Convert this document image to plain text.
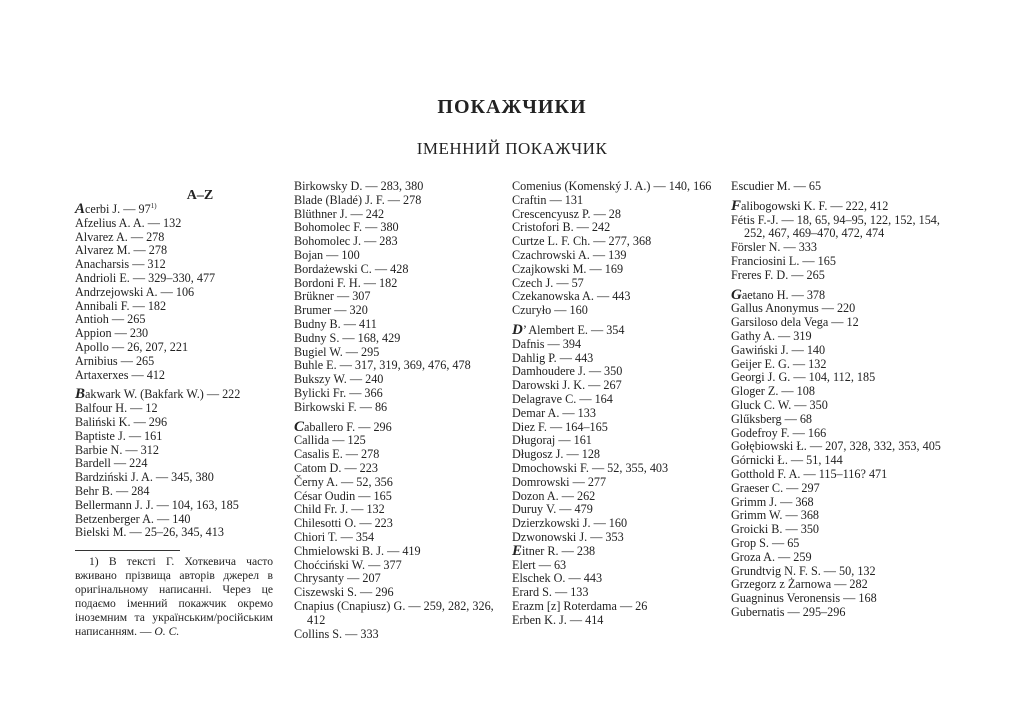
ПОКАЖЧИКИ
ІМЕННИЙ ПОКАЖЧИК
A–Z
Acerbi J. — 97$^{1)}$
Afzelius A. A. — 132
Alvarez A. — 278
Alvarez M. — 278
Anacharsis — 312
Andrioli E. — 329–330, 477
Andrzejowski A. — 106
Annibali F. — 182
Antioh — 265
Appion — 230
Apollo — 26, 207, 221
Arnibius — 265
Artaxerxes — 412
Bakwark W. (Bakfark W.) — 222
Balfour H. — 12
Baliński K. — 296
Baptiste J. — 161
Barbie N. — 312
Bardell — 224
Bardziński J. A. — 345, 380
Behr B. — 284
Bellermann J. J. — 104, 163, 185
Betzenberger A. — 140
Bielski M. — 25–26, 345, 413
1) В тексті Г. Хоткевича часто вживано прізвища авторів джерел в оригінальному написанні. Через це подаємо іменний покажчик окремо іноземним та українським/російським написанням. — О. С.
Birkowsky D. — 283, 380
Blade (Bladé) J. F. — 278
Blüthner J. — 242
Bohomolec F. — 380
Bohomolec J. — 283
Bojan — 100
Bordażewski C. — 428
Bordoni F. H. — 182
Brükner — 307
Brumer — 320
Budny B. — 411
Budny S. — 168, 429
Bugiel W. — 295
Buhle E. — 317, 319, 369, 476, 478
Bukszy W. — 240
Bylicki Fr. — 366
Birkowski F. — 86
Caballero F. — 296
Callida — 125
Casalis E. — 278
Catom D. — 223
Černy A. — 52, 356
César Oudin — 165
Child Fr. J. — 132
Chilesotti O. — 223
Chiori T. — 354
Chmielowski B. J. — 419
Choćciński W. — 377
Chrysanty — 207
Ciszewski S. — 296
Cnapius (Cnapiusz) G. — 259, 282, 326, 412
Collins S. — 333
Comenius (Komenský J. A.) — 140, 166
Craftin — 131
Crescencyusz P. — 28
Cristofori B. — 242
Curtze L. F. Ch. — 277, 368
Czachrowski A. — 139
Czajkowski M. — 169
Czech J. — 57
Czekanowska A. — 443
Czuryło — 160
D’ Alembert E. — 354
Dafnis — 394
Dahlig P. — 443
Damhoudere J. — 350
Darowski J. K. — 267
Delagrave C. — 164
Demar A. — 133
Diez F. — 164–165
Długoraj — 161
Długosz J. — 128
Dmochowski F. — 52, 355, 403
Domrowski — 277
Dozon A. — 262
Duruy V. — 479
Dzierzkowski J. — 160
Dzwonowski J. — 353
Eitner R. — 238
Elert — 63
Elschek O. — 443
Erard S. — 133
Erazm [z] Roterdama — 26
Erben K. J. — 414
Escudier M. — 65
Falibogowski K. F. — 222, 412
Fétis F.-J. — 18, 65, 94–95, 122, 152, 154, 252, 467, 469–470, 472, 474
Försler N. — 333
Franciosini L. — 165
Freres F. D. — 265
Gaetano H. — 378
Gallus Anonymus — 220
Garsiloso dela Vega — 12
Gathy A. — 319
Gawiński J. — 140
Geijer E. G. — 132
Georgi J. G. — 104, 112, 185
Gloger Z. — 108
Gluck C. W. — 350
Glűksberg — 68
Godefroy F. — 166
Gołębiowski Ł. — 207, 328, 332, 353, 405
Górnicki Ł. — 51, 144
Gotthold F. A. — 115–116? 471
Graeser C. — 297
Grimm J. — 368
Grimm W. — 368
Groicki B. — 350
Grop S. — 65
Groza A. — 259
Grundtvig N. F. S. — 50, 132
Grzegorz z Żarnowa — 282
Guagninus Veronensis — 168
Gubernatis — 295–296
